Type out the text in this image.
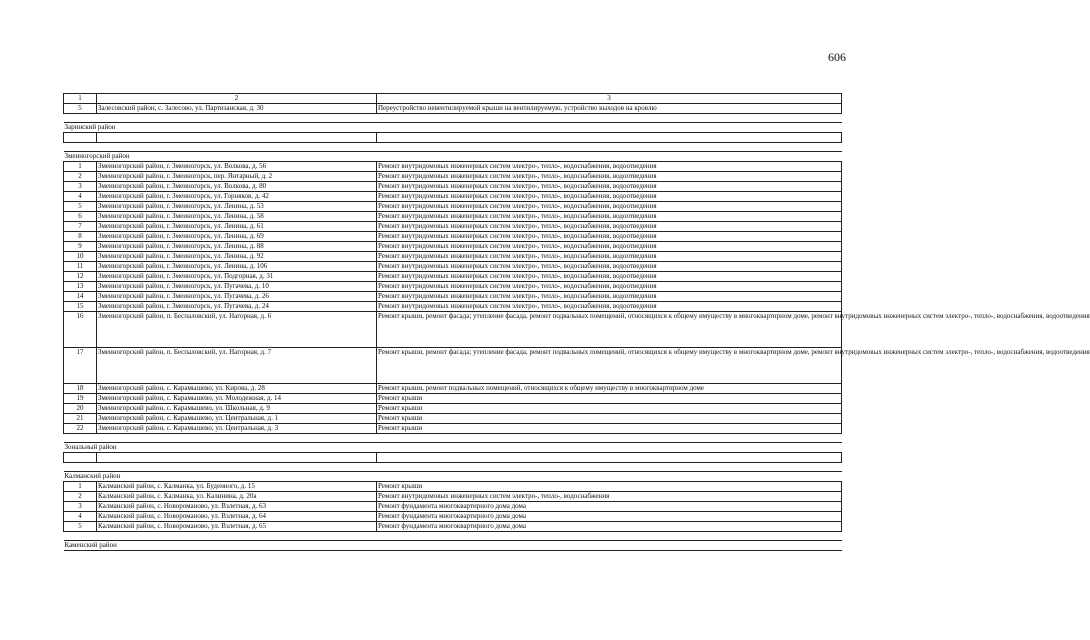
606
1	2	3
5	Залесовский район, с. Залесово, ул. Партизанская, д. 30	Переустройство невентилируемой крыши на вентилируемую, устройство выходов на кровлю

Заринский район		

Змеиногорский район		
1	Змеиногорский район, г. Змеиногорск, ул. Волкова, д. 56	Ремонт внутридомовых инженерных систем электро-, тепло-, водоснабжения, водоотведения
2	Змеиногорский район, г. Змеиногорск, пер. Янтарный, д. 2	Ремонт внутридомовых инженерных систем электро-, тепло-, водоснабжения, водоотведения
3	Змеиногорский район, г. Змеиногорск, ул. Волкова, д. 80	Ремонт внутридомовых инженерных систем электро-, тепло-, водоснабжения, водоотведения
4	Змеиногорский район, г. Змеиногорск, ул. Горняков, д. 42	Ремонт внутридомовых инженерных систем электро-, тепло-, водоснабжения, водоотведения
5	Змеиногорский район, г. Змеиногорск, ул. Ленина, д. 53	Ремонт внутридомовых инженерных систем электро-, тепло-, водоснабжения, водоотведения
6	Змеиногорский район, г. Змеиногорск, ул. Ленина, д. 58	Ремонт внутридомовых инженерных систем электро-, тепло-, водоснабжения, водоотведения
7	Змеиногорский район, г. Змеиногорск, ул. Ленина, д. 61	Ремонт внутридомовых инженерных систем электро-, тепло-, водоснабжения, водоотведения
8	Змеиногорский район, г. Змеиногорск, ул. Ленина, д. 69	Ремонт внутридомовых инженерных систем электро-, тепло-, водоснабжения, водоотведения
9	Змеиногорский район, г. Змеиногорск, ул. Ленина, д. 88	Ремонт внутридомовых инженерных систем электро-, тепло-, водоснабжения, водоотведения
10	Змеиногорский район, г. Змеиногорск, ул. Ленина, д. 92	Ремонт внутридомовых инженерных систем электро-, тепло-, водоснабжения, водоотведения
11	Змеиногорский район, г. Змеиногорск, ул. Ленина, д. 106	Ремонт внутридомовых инженерных систем электро-, тепло-, водоснабжения, водоотведения
12	Змеиногорский район, г. Змеиногорск, ул. Подгорная, д. 31	Ремонт внутридомовых инженерных систем электро-, тепло-, водоснабжения, водоотведения
13	Змеиногорский район, г. Змеиногорск, ул. Пугачева, д. 10	Ремонт внутридомовых инженерных систем электро-, тепло-, водоснабжения, водоотведения
14	Змеиногорский район, г. Змеиногорск, ул. Пугачева, д. 26	Ремонт внутридомовых инженерных систем электро-, тепло-, водоснабжения, водоотведения
15	Змеиногорский район, г. Змеиногорск, ул. Пугачева, д. 24	Ремонт внутридомовых инженерных систем электро-, тепло-, водоснабжения, водоотведения
16	Змеиногорский район, п. Беспаловский, ул. Нагорная, д. 6	Ремонт крыши, ремонт фасада; утепление фасада, ремонт подвальных помещений, относящихся к общему имуществу в многоквартирном доме, ремонт внутридомовых инженерных систем электро-, тепло-, водоснабжения, водоотведения
17	Змеиногорский район, п. Беспаловский, ул. Нагорная, д. 7	Ремонт крыши, ремонт фасада; утепление фасада, ремонт подвальных помещений, относящихся к общему имуществу в многоквартирном доме, ремонт внутридомовых инженерных систем электро-, тепло-, водоснабжения, водоотведения
18	Змеиногорский район, с. Карамышево, ул. Кирова, д. 28	Ремонт крыши, ремонт подвальных помещений, относящихся к общему имуществу в многоквартирном доме
19	Змеиногорский район, с. Карамышево, ул. Молодежная, д. 14	Ремонт крыши
20	Змеиногорский район, с. Карамышево, ул. Школьная, д. 9	Ремонт крыши
21	Змеиногорский район, с. Карамышево, ул. Центральная, д. 1	Ремонт крыши
22	Змеиногорский район, с. Карамышево, ул. Центральная, д. 3	Ремонт крыши

Зональный район		

Калманский район		
1	Калманский район, с. Калманка, ул. Буденного, д. 15	Ремонт крыши
2	Калманский район, с. Калманка, ул. Калинина, д. 20а	Ремонт внутридомовых инженерных систем электро-, тепло-, водоснабжения
3	Калманский район, с. Новороманово, ул. Взлетная, д. 63	Ремонт фундамента многоквартирного дома дома
4	Калманский район, с. Новороманово, ул. Взлетная, д. 64	Ремонт фундамента многоквартирного дома дома
5	Калманский район, с. Новороманово, ул. Взлетная, д. 65	Ремонт фундамента многоквартирного дома дома

Каменский район		
